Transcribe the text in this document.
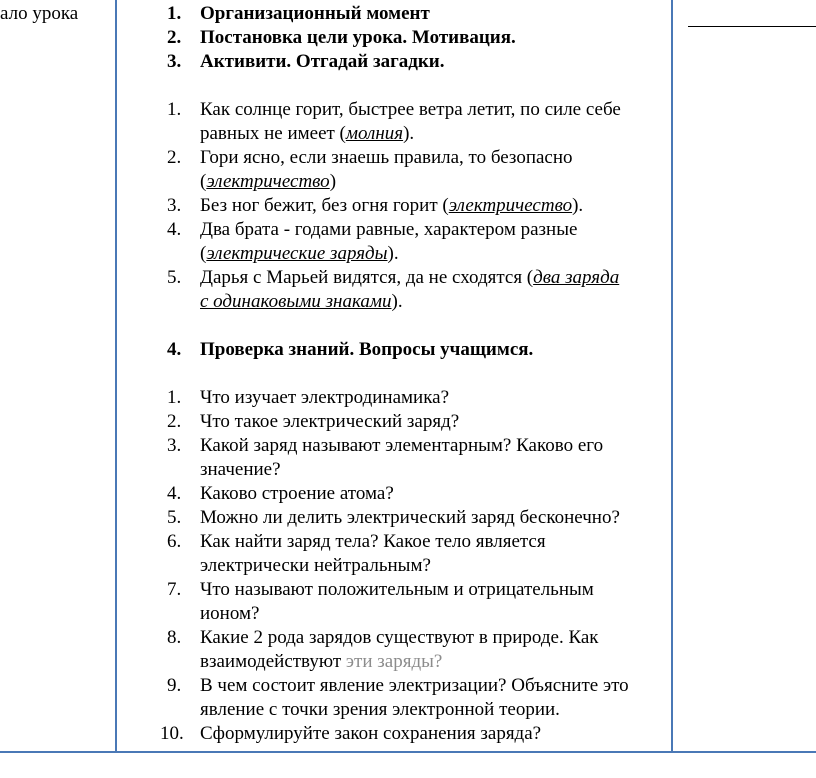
ало урока	1. Организационный момент
2. Постановка цели урока. Мотивация.
3. Активити. Отгадай загадки.
1. Как солнце горит, быстрее ветра летит, по силе себе
равных не имеет (молния).
2. Гори ясно, если знаешь правила, то безопасно
(электричество)
3. Без ног бежит, без огня горит (электричество).
4. Два брата - годами равные, характером разные
(электрические заряды).
5. Дарья с Марьей видятся, да не сходятся (два заряда
с одинаковыми знаками).
4. Проверка знаний. Вопросы учащимся.
1. Что изучает электродинамика?
2. Что такое электрический заряд?
3. Какой заряд называют элементарным? Каково его
значение?
4. Каково строение атома?
5. Можно ли делить электрический заряд бесконечно?
6. Как найти заряд тела? Какое тело является
электрически нейтральным?
7. Что называют положительным и отрицательным
ионом?
8. Какие 2 рода зарядов существуют в природе. Как
взаимодействуют эти заряды?
9. В чем состоит явление электризации? Объясните это
явление с точки зрения электронной теории.
10. Сформулируйте закон сохранения заряда?
